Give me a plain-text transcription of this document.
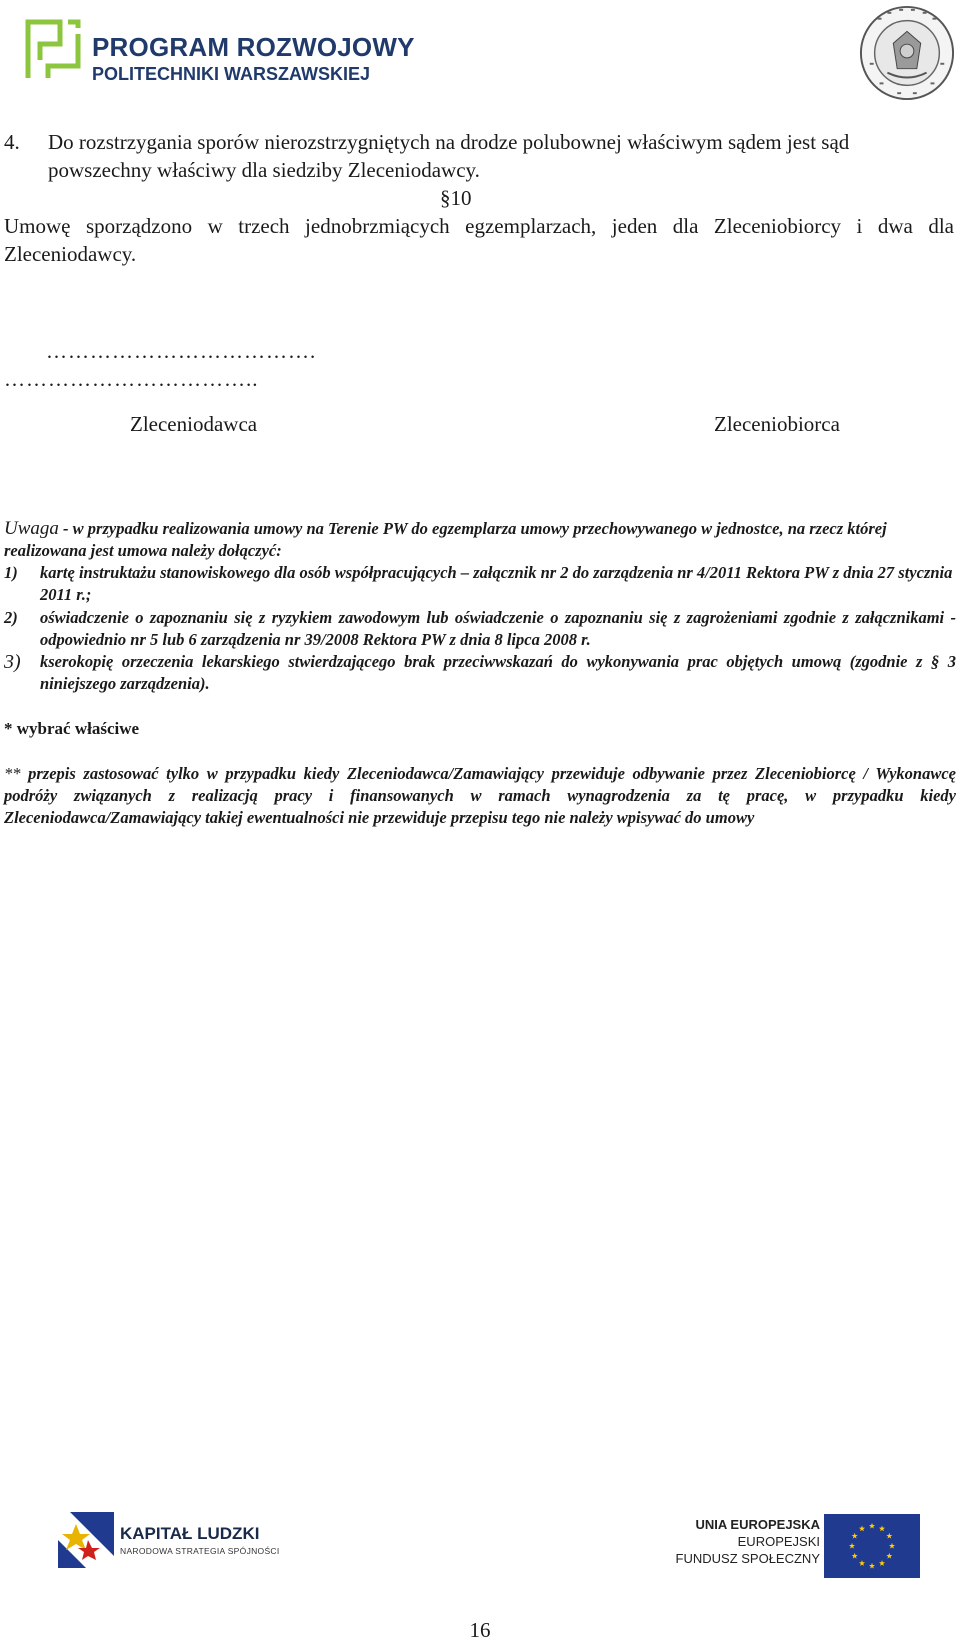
PROGRAM ROZWOJOWY
POLITECHNIKI WARSZAWSKIEJ
4. Do rozstrzygania sporów nierozstrzygniętych na drodze polubownej właściwym sądem jest sąd powszechny właściwy dla siedziby Zleceniodawcy.
§10
Umowę sporządzono w trzech jednobrzmiących egzemplarzach, jeden dla Zleceniobiorcy i dwa dla Zleceniodawcy.
……………………………….
……………………………..
Zleceniodawca	Zleceniobiorca
Uwaga - w przypadku realizowania umowy na Terenie PW do egzemplarza umowy przechowywanego w jednostce, na rzecz której realizowana jest umowa należy dołączyć:
1) kartę instruktażu stanowiskowego dla osób współpracujących – załącznik nr 2 do zarządzenia nr 4/2011 Rektora PW z dnia 27 stycznia 2011 r.;
2) oświadczenie o zapoznaniu się z ryzykiem zawodowym lub oświadczenie o zapoznaniu się z zagrożeniami zgodnie z załącznikami - odpowiednio nr 5 lub 6 zarządzenia nr 39/2008 Rektora PW z dnia 8 lipca 2008 r.
3) kserokopię orzeczenia lekarskiego stwierdzającego brak przeciwwskazań do wykonywania prac objętych umową (zgodnie z § 3 niniejszego zarządzenia).
* wybrać właściwe
** przepis zastosować tylko w przypadku kiedy Zleceniodawca/Zamawiający przewiduje odbywanie przez Zleceniobiorcę / Wykonawcę podróży związanych z realizacją pracy i finansowanych w ramach wynagrodzenia za tę pracę, w przypadku kiedy Zleceniodawca/Zamawiający takiej ewentualności nie przewiduje przepisu tego nie należy wpisywać do umowy
KAPITAŁ LUDZKI
NARODOWA STRATEGIA SPÓJNOŚCI
UNIA EUROPEJSKA
EUROPEJSKI
FUNDUSZ SPOŁECZNY
16
